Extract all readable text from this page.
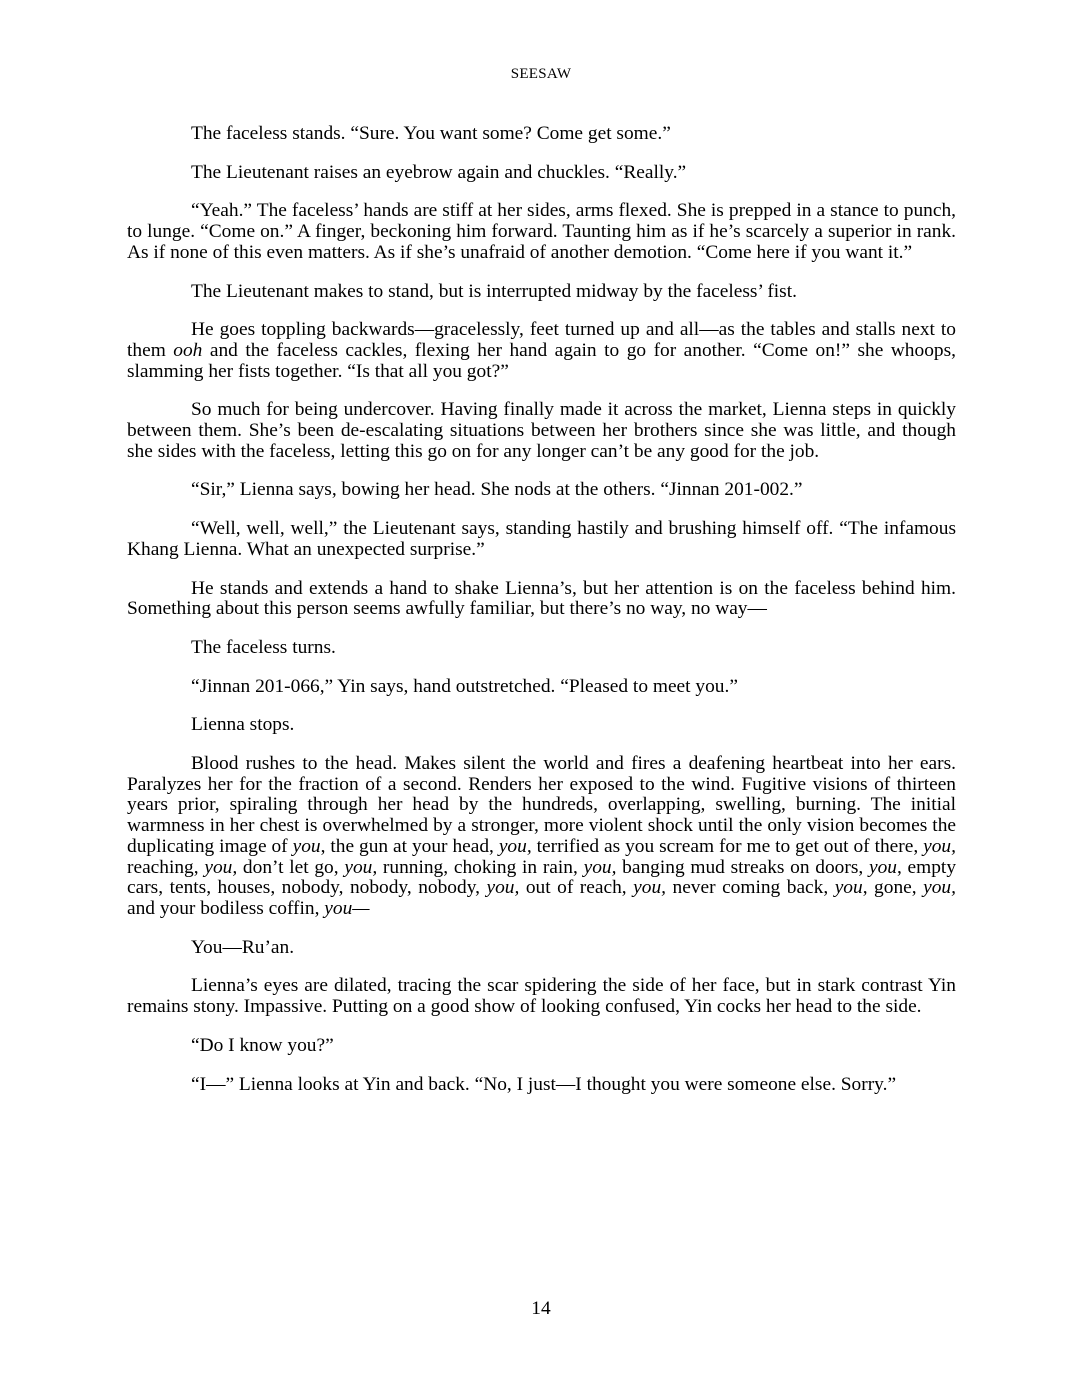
SEESAW

The faceless stands. “Sure. You want some? Come get some.”

The Lieutenant raises an eyebrow again and chuckles. “Really.”

“Yeah.” The faceless’ hands are stiff at her sides, arms flexed. She is prepped in a stance to punch, to lunge. “Come on.” A finger, beckoning him forward. Taunting him as if he’s scarcely a superior in rank. As if none of this even matters. As if she’s unafraid of another demotion. “Come here if you want it.”

The Lieutenant makes to stand, but is interrupted midway by the faceless’ fist.

He goes toppling backwards—gracelessly, feet turned up and all—as the tables and stalls next to them ooh and the faceless cackles, flexing her hand again to go for another. “Come on!” she whoops, slamming her fists together. “Is that all you got?”

So much for being undercover. Having finally made it across the market, Lienna steps in quickly between them. She’s been de-escalating situations between her brothers since she was little, and though she sides with the faceless, letting this go on for any longer can’t be any good for the job.

“Sir,” Lienna says, bowing her head. She nods at the others. “Jinnan 201-002.”

“Well, well, well,” the Lieutenant says, standing hastily and brushing himself off. “The infamous Khang Lienna. What an unexpected surprise.”

He stands and extends a hand to shake Lienna’s, but her attention is on the faceless behind him. Something about this person seems awfully familiar, but there’s no way, no way—

The faceless turns.

“Jinnan 201-066,” Yin says, hand outstretched. “Pleased to meet you.”

Lienna stops.

Blood rushes to the head. Makes silent the world and fires a deafening heartbeat into her ears. Paralyzes her for the fraction of a second. Renders her exposed to the wind. Fugitive visions of thirteen years prior, spiraling through her head by the hundreds, overlapping, swelling, burning. The initial warmness in her chest is overwhelmed by a stronger, more violent shock until the only vision becomes the duplicating image of you, the gun at your head, you, terrified as you scream for me to get out of there, you, reaching, you, don’t let go, you, running, choking in rain, you, banging mud streaks on doors, you, empty cars, tents, houses, nobody, nobody, nobody, you, out of reach, you, never coming back, you, gone, you, and your bodiless coffin, you—

You—Ru’an.

Lienna’s eyes are dilated, tracing the scar spidering the side of her face, but in stark contrast Yin remains stony. Impassive. Putting on a good show of looking confused, Yin cocks her head to the side.

“Do I know you?”

“I—” Lienna looks at Yin and back. “No, I just—I thought you were someone else. Sorry.”

14
